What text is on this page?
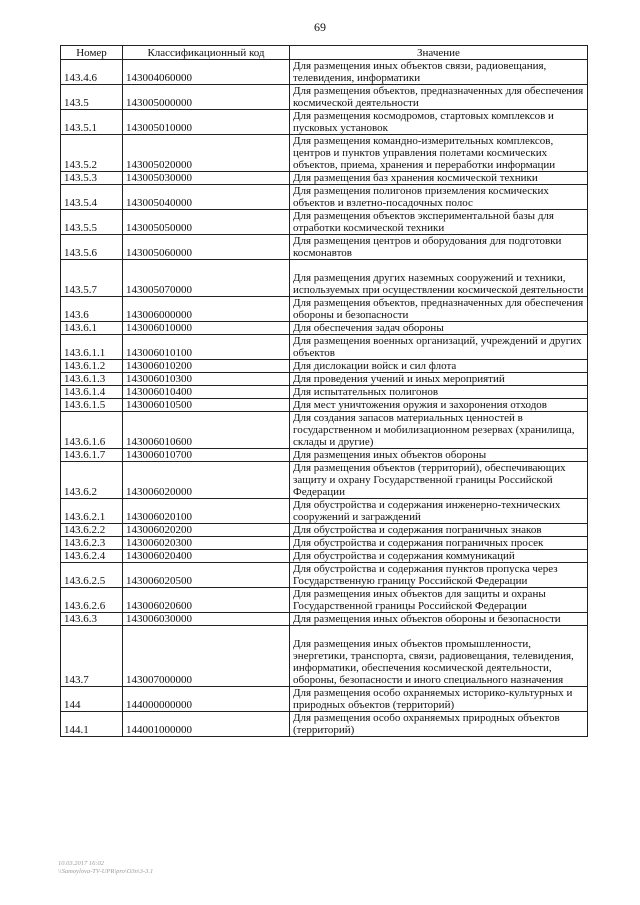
69
Номер	Классификационный код	Значение
143.4.6	143004060000	Для размещения иных объектов связи, радиовещания, телевидения, информатики
143.5	143005000000	Для размещения объектов, предназначенных для обеспечения космической деятельности
143.5.1	143005010000	Для размещения космодромов, стартовых комплексов и пусковых установок
143.5.2	143005020000	Для размещения командно-измерительных комплексов, центров и пунктов управления полетами космических объектов, приема, хранения и переработки информации
143.5.3	143005030000	Для размещения баз хранения космической техники
143.5.4	143005040000	Для размещения полигонов приземления космических объектов и взлетно-посадочных полос
143.5.5	143005050000	Для размещения объектов экспериментальной базы для отработки космической техники
143.5.6	143005060000	Для размещения центров и оборудования для подготовки космонавтов
143.5.7	143005070000	Для размещения других наземных сооружений и техники, используемых при осуществлении космической деятельности
143.6	143006000000	Для размещения объектов, предназначенных для обеспечения обороны и безопасности
143.6.1	143006010000	Для обеспечения задач обороны
143.6.1.1	143006010100	Для размещения военных организаций, учреждений и других объектов
143.6.1.2	143006010200	Для дислокации войск и сил флота
143.6.1.3	143006010300	Для проведения учений и иных мероприятий
143.6.1.4	143006010400	Для испытательных полигонов
143.6.1.5	143006010500	Для мест уничтожения оружия и захоронения отходов
143.6.1.6	143006010600	Для создания запасов материальных ценностей в государственном и мобилизационном резервах (хранилища, склады и другие)
143.6.1.7	143006010700	Для размещения иных объектов обороны
143.6.2	143006020000	Для размещения объектов (территорий), обеспечивающих защиту и охрану Государственной границы Российской Федерации
143.6.2.1	143006020100	Для обустройства и содержания инженерно-технических сооружений и заграждений
143.6.2.2	143006020200	Для обустройства и содержания пограничных знаков
143.6.2.3	143006020300	Для обустройства и содержания пограничных просек
143.6.2.4	143006020400	Для обустройства и содержания коммуникаций
143.6.2.5	143006020500	Для обустройства и содержания пунктов пропуска через Государственную границу Российской Федерации
143.6.2.6	143006020600	Для размещения иных объектов для защиты и охраны Государственной границы Российской Федерации
143.6.3	143006030000	Для размещения иных объектов обороны и безопасности
143.7	143007000000	Для размещения иных объектов промышленности, энергетики, транспорта, связи, радиовещания, телевидения, информатики, обеспечения космической деятельности, обороны, безопасности и иного специального назначения
144	144000000000	Для размещения особо охраняемых историко-культурных и природных объектов (территорий)
144.1	144001000000	Для размещения особо охраняемых природных объектов (территорий)
10.03.2017 16:02
\\Samoylova-TV-UPR\pro\O3n\3-3.1
